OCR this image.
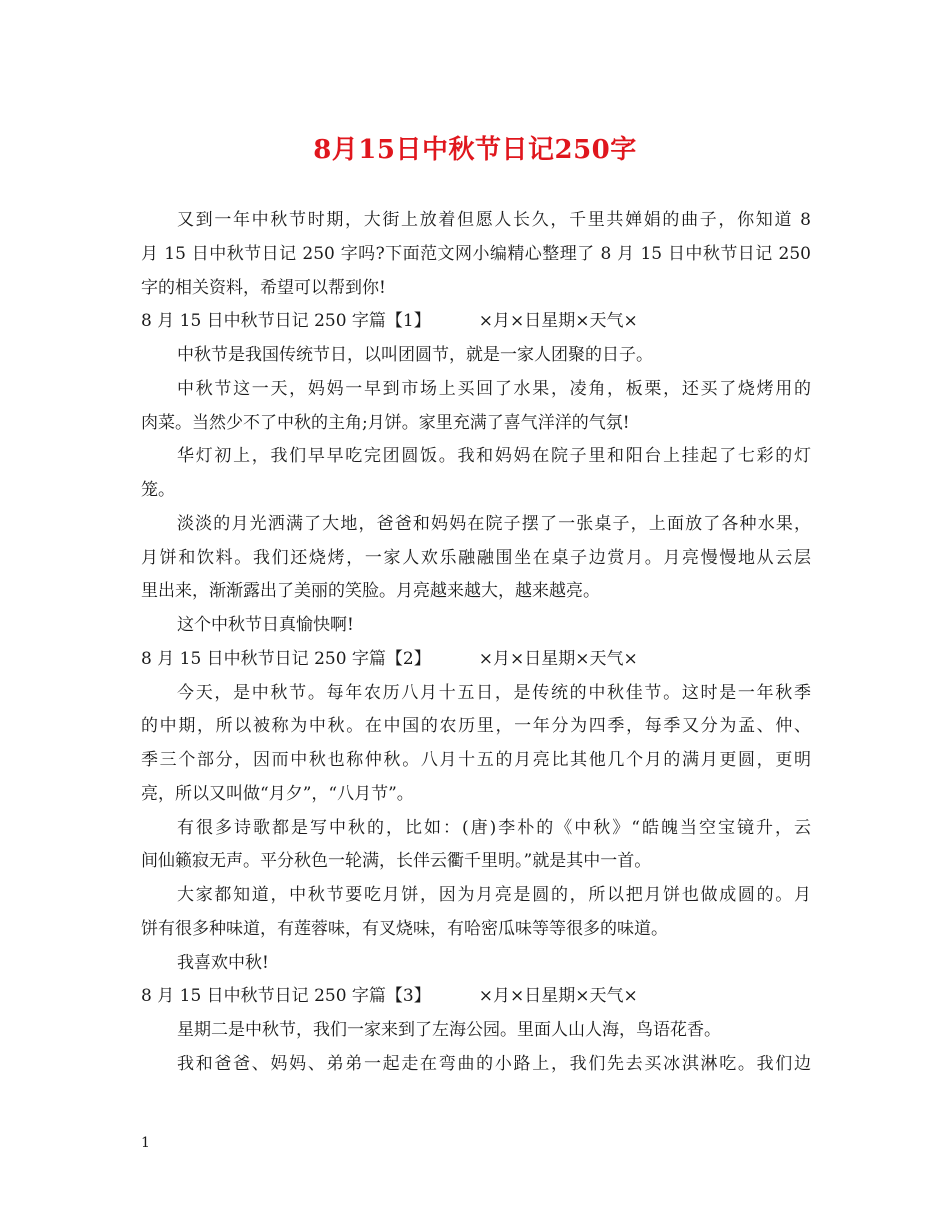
8月15日中秋节日记250字
又到一年中秋节时期，大街上放着但愿人长久，千里共婵娟的曲子，你知道 8
月 15 日中秋节日记 250 字吗?下面范文网小编精心整理了 8 月 15 日中秋节日记 250
字的相关资料，希望可以帮到你!
8 月 15 日中秋节日记 250 字篇【1】	×月×日星期×天气×
中秋节是我国传统节日，以叫团圆节，就是一家人团聚的日子。
中秋节这一天，妈妈一早到市场上买回了水果，凌角，板栗，还买了烧烤用的
肉菜。当然少不了中秋的主角;月饼。家里充满了喜气洋洋的气氛!
华灯初上，我们早早吃完团圆饭。我和妈妈在院子里和阳台上挂起了七彩的灯
笼。
淡淡的月光洒满了大地，爸爸和妈妈在院子摆了一张桌子，上面放了各种水果，
月饼和饮料。我们还烧烤，一家人欢乐融融围坐在桌子边赏月。月亮慢慢地从云层
里出来，渐渐露出了美丽的笑脸。月亮越来越大，越来越亮。
这个中秋节日真愉快啊!
8 月 15 日中秋节日记 250 字篇【2】	×月×日星期×天气×
今天，是中秋节。每年农历八月十五日，是传统的中秋佳节。这时是一年秋季
的中期，所以被称为中秋。在中国的农历里，一年分为四季，每季又分为孟、仲、
季三个部分，因而中秋也称仲秋。八月十五的月亮比其他几个月的满月更圆，更明
亮，所以又叫做“月夕”，“八月节”。
有很多诗歌都是写中秋的，比如：(唐)李朴的《中秋》“皓魄当空宝镜升，云
间仙籁寂无声。平分秋色一轮满，长伴云衢千里明。”就是其中一首。
大家都知道，中秋节要吃月饼，因为月亮是圆的，所以把月饼也做成圆的。月
饼有很多种味道，有莲蓉味，有叉烧味，有哈密瓜味等等很多的味道。
我喜欢中秋!
8 月 15 日中秋节日记 250 字篇【3】	×月×日星期×天气×
星期二是中秋节，我们一家来到了左海公园。里面人山人海，鸟语花香。
我和爸爸、妈妈、弟弟一起走在弯曲的小路上，我们先去买冰淇淋吃。我们边
1
